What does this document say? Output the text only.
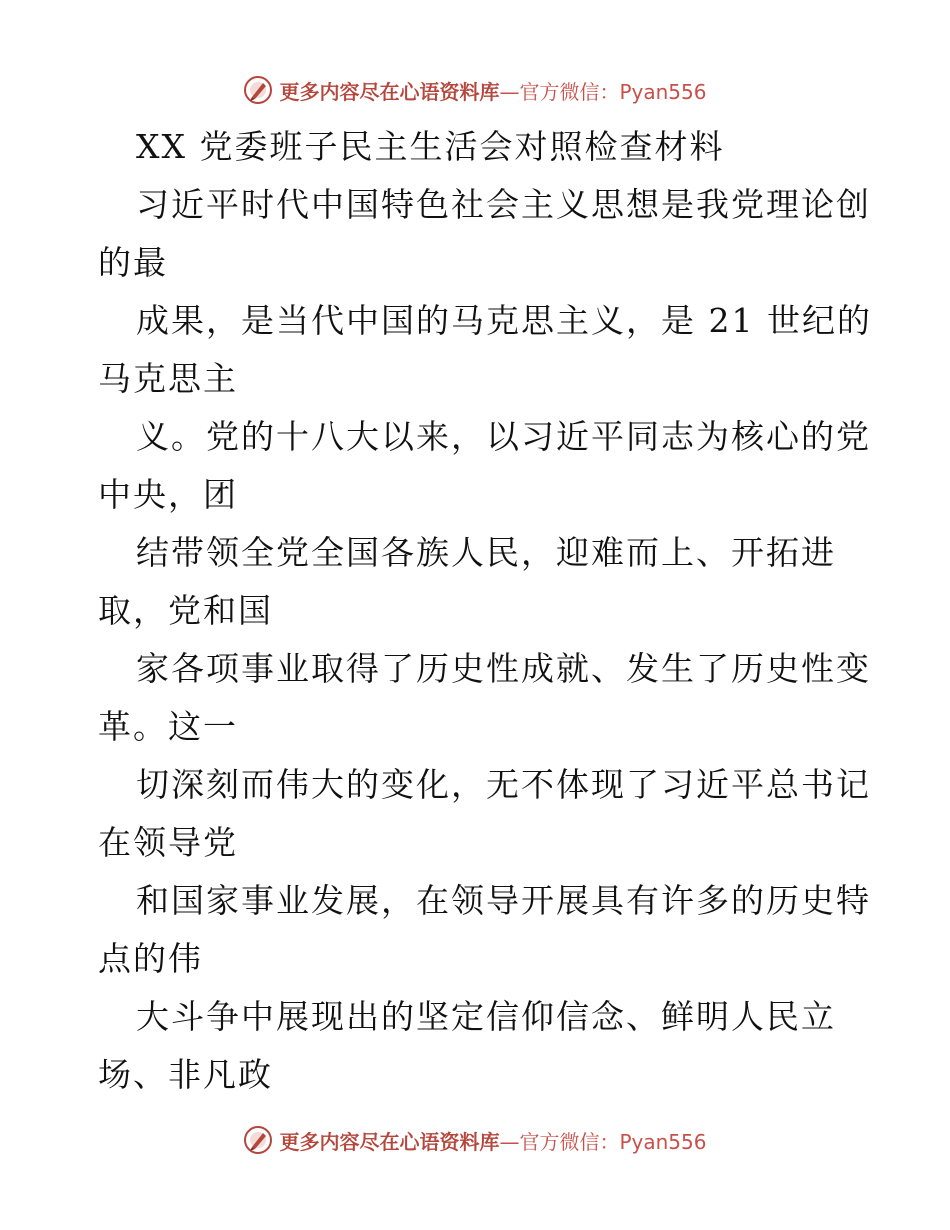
更多内容尽在心语资料库 —官方微信：Pyan556
XX 党委班子民主生活会对照检查材料
习近平时代中国特色社会主义思想是我党理论创
的最
成果，是当代中国的马克思主义，是 21 世纪的
马克思主
义。党的十八大以来，以习近平同志为核心的党
中央，团
结带领全党全国各族人民，迎难而上、开拓进
取，党和国
家各项事业取得了历史性成就、发生了历史性变
革。这一
切深刻而伟大的变化，无不体现了习近平总书记
在领导党
和国家事业发展，在领导开展具有许多的历史特
点的伟
大斗争中展现出的坚定信仰信念、鲜明人民立
场、非凡政
更多内容尽在心语资料库 —官方微信：Pyan556
